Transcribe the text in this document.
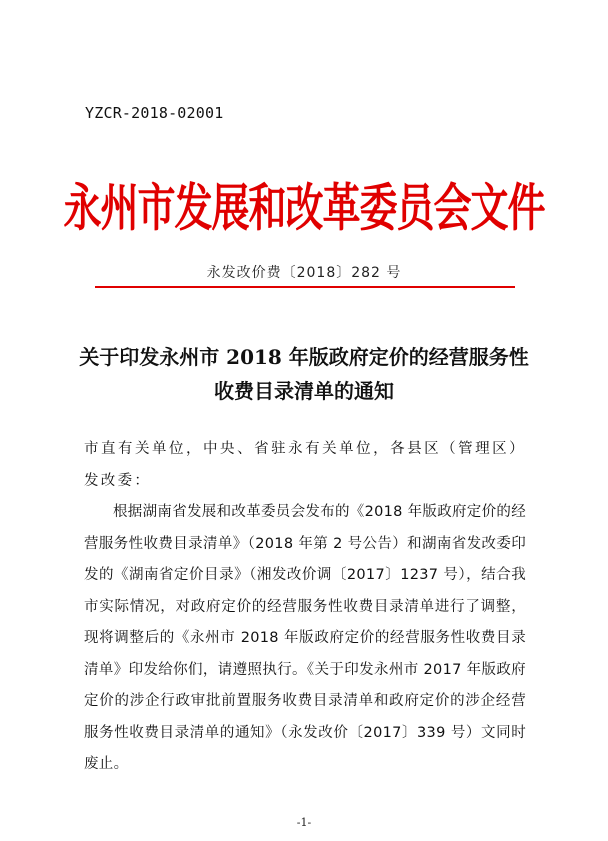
YZCR-2018-02001
永州市发展和改革委员会文件
永发改价费〔2018〕282 号
关于印发永州市 2018 年版政府定价的经营服务性
收费目录清单的通知

市直有关单位，中央、省驻永有关单位，各县区（管理区）发改委：

根据湖南省发展和改革委员会发布的《2018 年版政府定价的经营服务性收费目录清单》（2018 年第 2 号公告）和湖南省发改委印发的《湖南省定价目录》（湘发改价调〔2017〕1237 号），结合我市实际情况，对政府定价的经营服务性收费目录清单进行了调整，现将调整后的《永州市 2018 年版政府定价的经营服务性收费目录清单》印发给你们，请遵照执行。《关于印发永州市 2017 年版政府定价的涉企行政审批前置服务收费目录清单和政府定价的涉企经营服务性收费目录清单的通知》（永发改价〔2017〕339 号）文同时废止。

-1-
